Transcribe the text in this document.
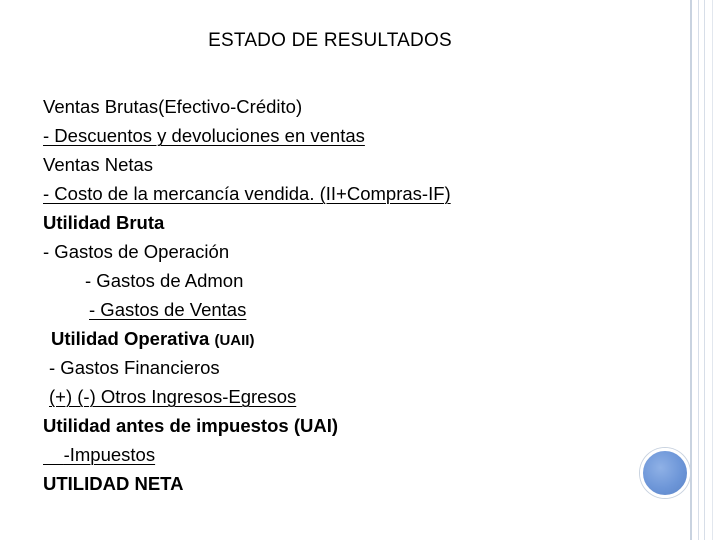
ESTADO DE RESULTADOS
Ventas Brutas(Efectivo-Crédito)
- Descuentos y devoluciones en ventas
Ventas Netas
- Costo de la mercancía vendida. (II+Compras-IF)
Utilidad Bruta
- Gastos de Operación
- Gastos de Admon
- Gastos de Ventas
Utilidad Operativa (UAII)
- Gastos Financieros
(+) (-) Otros Ingresos-Egresos
Utilidad antes de impuestos (UAI)
-Impuestos
UTILIDAD NETA
